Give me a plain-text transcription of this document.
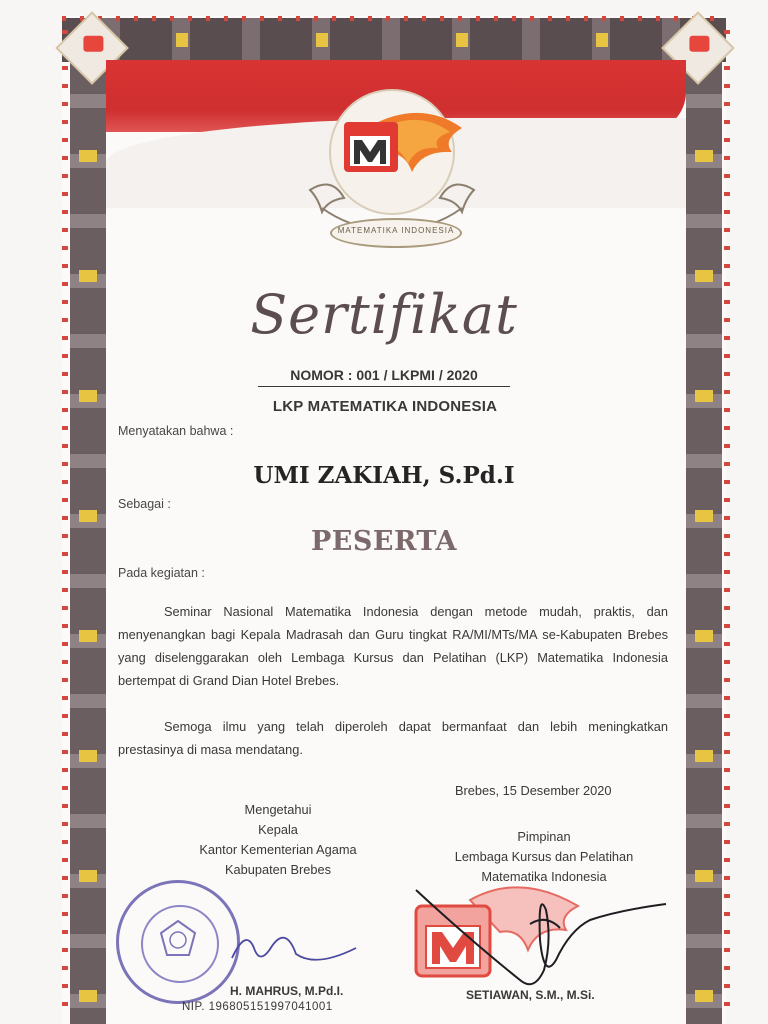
MATEMATIKA INDONESIA
Sertifikat
NOMOR : 001 / LKPMI / 2020
LKP MATEMATIKA INDONESIA
Menyatakan bahwa :
UMI ZAKIAH, S.Pd.I
Sebagai :
PESERTA
Pada kegiatan :
Seminar Nasional Matematika Indonesia dengan metode mudah, praktis, dan menyenangkan bagi Kepala Madrasah dan Guru tingkat RA/MI/MTs/MA se-Kabupaten Brebes yang diselenggarakan oleh Lembaga Kursus dan Pelatihan (LKP) Matematika Indonesia bertempat di Grand Dian Hotel Brebes.
Semoga ilmu yang telah diperoleh dapat bermanfaat dan lebih meningkatkan prestasinya di masa mendatang.
Brebes, 15 Desember 2020
Mengetahui
Kepala
Kantor Kementerian Agama
Kabupaten Brebes
Pimpinan
Lembaga Kursus dan Pelatihan
Matematika Indonesia
H. MAHRUS, M.Pd.I.
NIP. 196805151997041001
SETIAWAN, S.M., M.Si.
